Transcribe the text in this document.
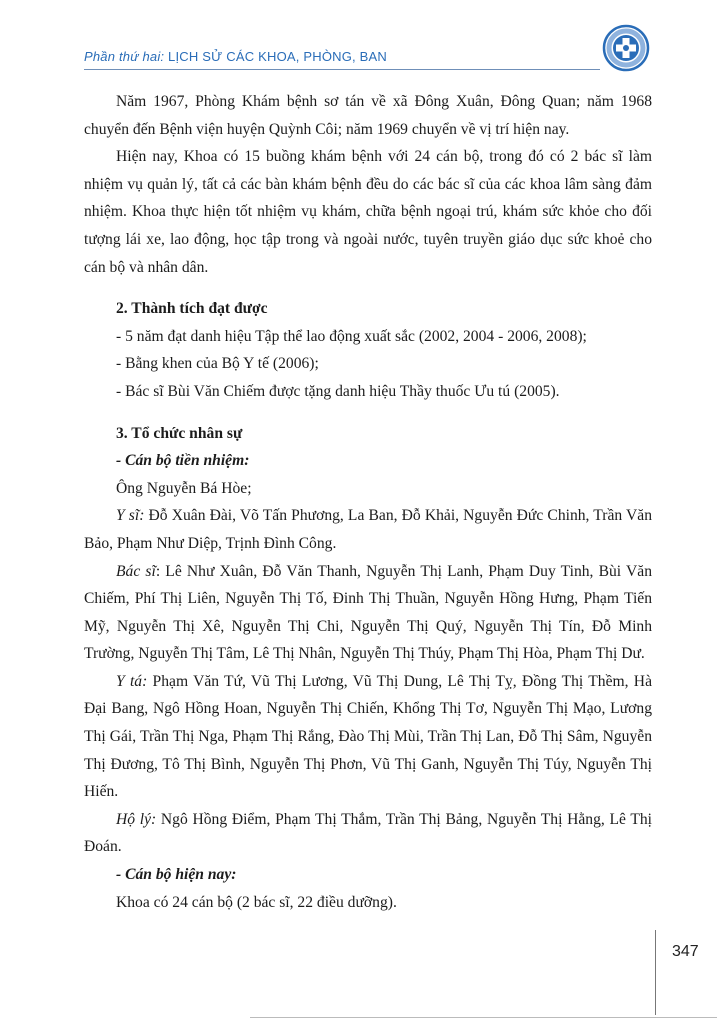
Phần thứ hai: LỊCH SỬ CÁC KHOA, PHÒNG, BAN

Năm 1967, Phòng Khám bệnh sơ tán về xã Đông Xuân, Đông Quan; năm 1968 chuyển đến Bệnh viện huyện Quỳnh Côi; năm 1969 chuyển về vị trí hiện nay.

Hiện nay, Khoa có 15 buồng khám bệnh với 24 cán bộ, trong đó có 2 bác sĩ làm nhiệm vụ quản lý, tất cả các bàn khám bệnh đều do các bác sĩ của các khoa lâm sàng đảm nhiệm. Khoa thực hiện tốt nhiệm vụ khám, chữa bệnh ngoại trú, khám sức khỏe cho đối tượng lái xe, lao động, học tập trong và ngoài nước, tuyên truyền giáo dục sức khoẻ cho cán bộ và nhân dân.

2. Thành tích đạt được

- 5 năm đạt danh hiệu Tập thể lao động xuất sắc (2002, 2004 - 2006, 2008);

- Bằng khen của Bộ Y tế (2006);

- Bác sĩ Bùi Văn Chiếm được tặng danh hiệu Thầy thuốc Ưu tú (2005).

3. Tổ chức nhân sự

- Cán bộ tiền nhiệm:

Ông Nguyễn Bá Hòe;

Y sĩ: Đỗ Xuân Đài, Võ Tấn Phương, La Ban, Đỗ Khải, Nguyễn Đức Chinh, Trần Văn Bảo, Phạm Như Diệp, Trịnh Đình Công.

Bác sĩ: Lê Như Xuân, Đỗ Văn Thanh, Nguyễn Thị Lanh, Phạm Duy Tinh, Bùi Văn Chiếm, Phí Thị Liên, Nguyễn Thị Tố, Đinh Thị Thuần, Nguyễn Hồng Hưng, Phạm Tiến Mỹ, Nguyễn Thị Xê, Nguyễn Thị Chi, Nguyễn Thị Quý, Nguyễn Thị Tín, Đỗ Minh Trường, Nguyễn Thị Tâm, Lê Thị Nhân, Nguyễn Thị Thúy, Phạm Thị Hòa, Phạm Thị Dư.

Y tá: Phạm Văn Tứ, Vũ Thị Lương, Vũ Thị Dung, Lê Thị Tỵ, Đồng Thị Thềm, Hà Đại Bang, Ngô Hồng Hoan, Nguyễn Thị Chiến, Khổng Thị Tơ, Nguyễn Thị Mạo, Lương Thị Gái, Trần Thị Nga, Phạm Thị Rắng, Đào Thị Mùi, Trần Thị Lan, Đỗ Thị Sâm, Nguyễn Thị Đương, Tô Thị Bình, Nguyễn Thị Phơn, Vũ Thị Ganh, Nguyễn Thị Túy, Nguyễn Thị Hiến.

Hộ lý: Ngô Hồng Điểm, Phạm Thị Thắm, Trần Thị Bảng, Nguyễn Thị Hằng, Lê Thị Đoán.

- Cán bộ hiện nay:

Khoa có 24 cán bộ (2 bác sĩ, 22 điều dưỡng).

347
